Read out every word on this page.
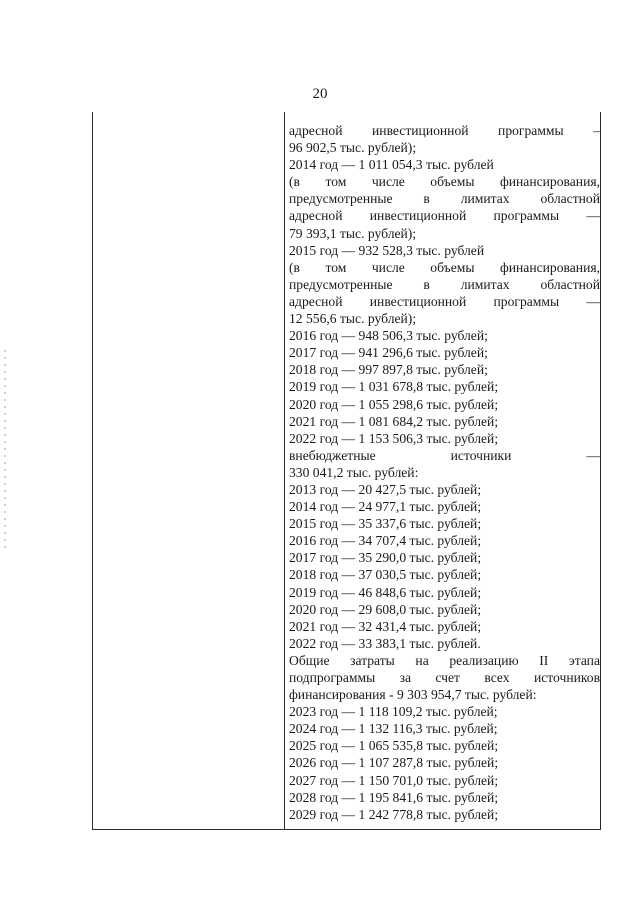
20
адресной инвестиционной программы –
96 902,5 тыс. рублей);
2014 год — 1 011 054,3 тыс. рублей
(в том числе объемы финансирования,
предусмотренные в лимитах областной
адресной инвестиционной программы —
79 393,1 тыс. рублей);
2015 год — 932 528,3 тыс. рублей
(в том числе объемы финансирования,
предусмотренные в лимитах областной
адресной инвестиционной программы —
12 556,6 тыс. рублей);
2016 год — 948 506,3 тыс. рублей;
2017 год — 941 296,6 тыс. рублей;
2018 год — 997 897,8 тыс. рублей;
2019 год — 1 031 678,8 тыс. рублей;
2020 год — 1 055 298,6 тыс. рублей;
2021 год — 1 081 684,2 тыс. рублей;
2022 год — 1 153 506,3 тыс. рублей;
внебюджетные источники —
330 041,2 тыс. рублей:
2013 год — 20 427,5 тыс. рублей;
2014 год — 24 977,1 тыс. рублей;
2015 год — 35 337,6 тыс. рублей;
2016 год — 34 707,4 тыс. рублей;
2017 год — 35 290,0 тыс. рублей;
2018 год — 37 030,5 тыс. рублей;
2019 год — 46 848,6 тыс. рублей;
2020 год — 29 608,0 тыс. рублей;
2021 год — 32 431,4 тыс. рублей;
2022 год — 33 383,1 тыс. рублей.
Общие затраты на реализацию II этапа
подпрограммы за счет всех источников
финансирования - 9 303 954,7 тыс. рублей:
2023 год — 1 118 109,2 тыс. рублей;
2024 год — 1 132 116,3 тыс. рублей;
2025 год — 1 065 535,8 тыс. рублей;
2026 год — 1 107 287,8 тыс. рублей;
2027 год — 1 150 701,0 тыс. рублей;
2028 год — 1 195 841,6 тыс. рублей;
2029 год — 1 242 778,8 тыс. рублей;
